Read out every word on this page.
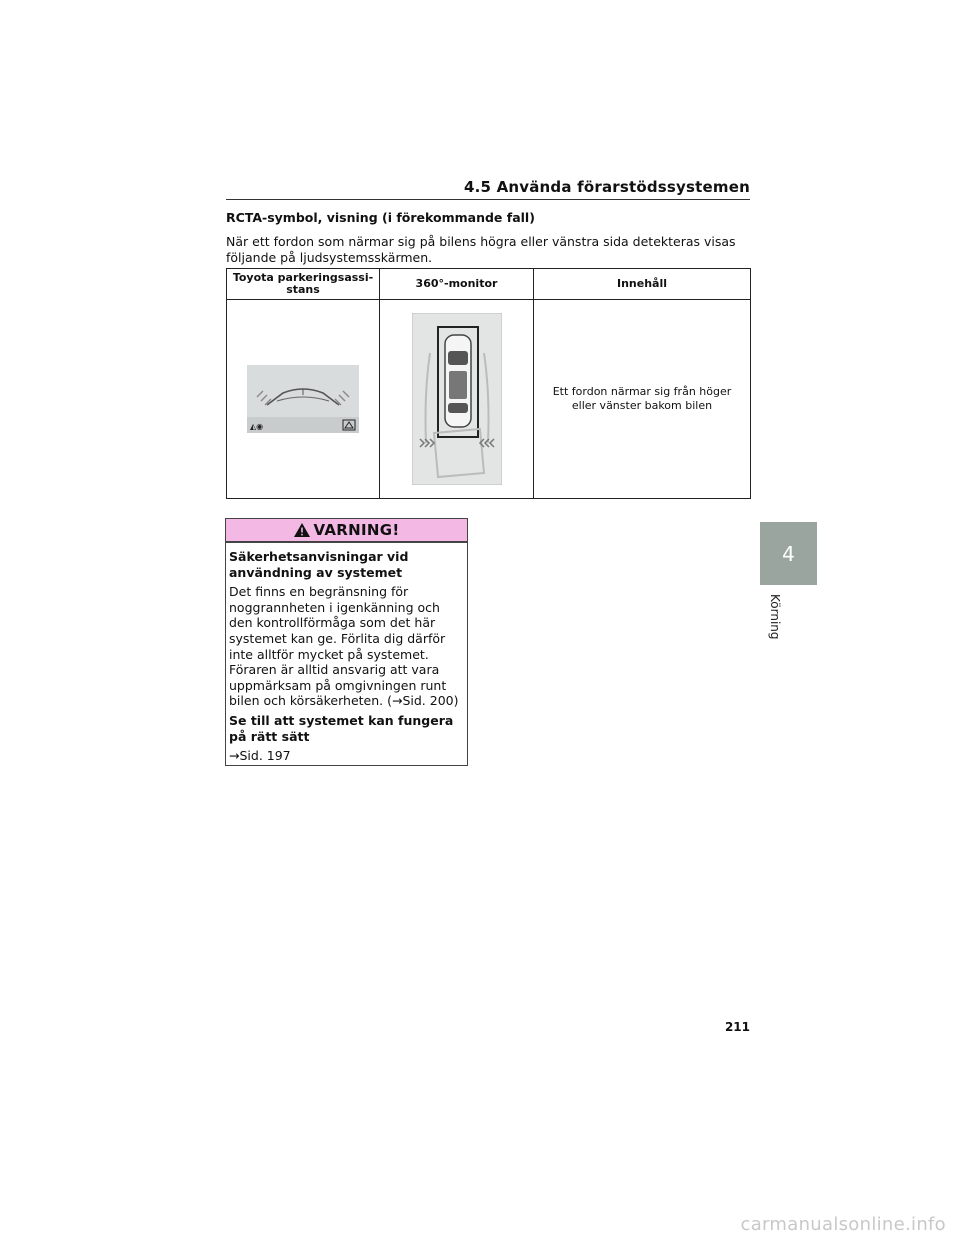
4.5 Använda förarstödssystemen
RCTA-symbol, visning (i förekommande fall)
När ett fordon som närmar sig på bilens högra eller vänstra sida detekteras visas följande på ljudsystemsskärmen.
Toyota parkeringsassi-
stans	360°-monitor	Innehåll

◭◉		Ett fordon närmar sig från höger eller vänster bakom bilen
VARNING!

Säkerhetsanvisningar vid användning av systemet

Det finns en begränsning för noggrannheten i igenkänning och den kontrollförmåga som det här systemet kan ge. Förlita dig därför inte alltför mycket på systemet. Föraren är alltid ansvarig att vara uppmärksam på omgivningen runt bilen och körsäkerheten. (→Sid. 200)

Se till att systemet kan fungera på rätt sätt

→Sid. 197

4
Körning
211
carmanualsonline.info
